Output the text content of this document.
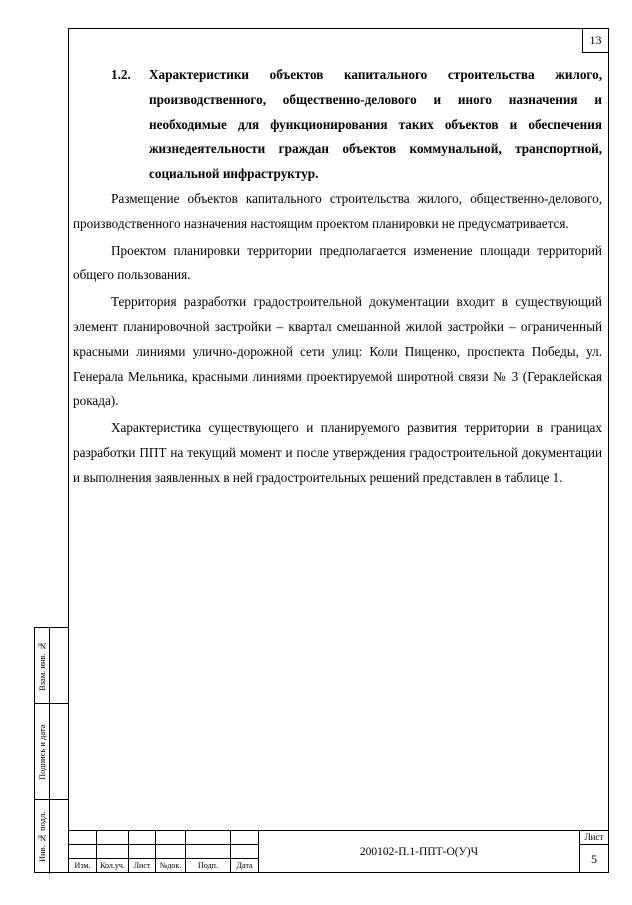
Взам. инв. №
Подпись и дата
Инв. № подл.
13
1.2.	Характеристики объектов капитального строительства жилого, производственного, общественно-делового и иного назначения и необходимые для функционирования таких объектов и обеспечения жизнедеятельности граждан объектов коммунальной, транспортной, социальной инфраструктур.

Размещение объектов капитального строительства жилого, общественно-делового, производственного назначения настоящим проектом планировки не предусматривается.

Проектом планировки территории предполагается изменение площади территорий общего пользования.

Территория разработки градостроительной документации входит в существующий элемент планировочной застройки – квартал смешанной жилой застройки – ограниченный красными линиями улично-дорожной сети улиц: Коли Пищенко, проспекта Победы, ул. Генерала Мельника, красными линиями проектируемой широтной связи № 3 (Гераклейская рокада).

Характеристика существующего и планируемого развития территории в границах разработки ППТ на текущий момент и после утверждения градостроительной документации и выполнения заявленных в ней градостроительных решений представлен в таблице 1.

Изм.	Кол.уч.	Лист	№док.	Подп.	Дата
200102-П.1-ППТ-О(У)Ч
Лист
5
